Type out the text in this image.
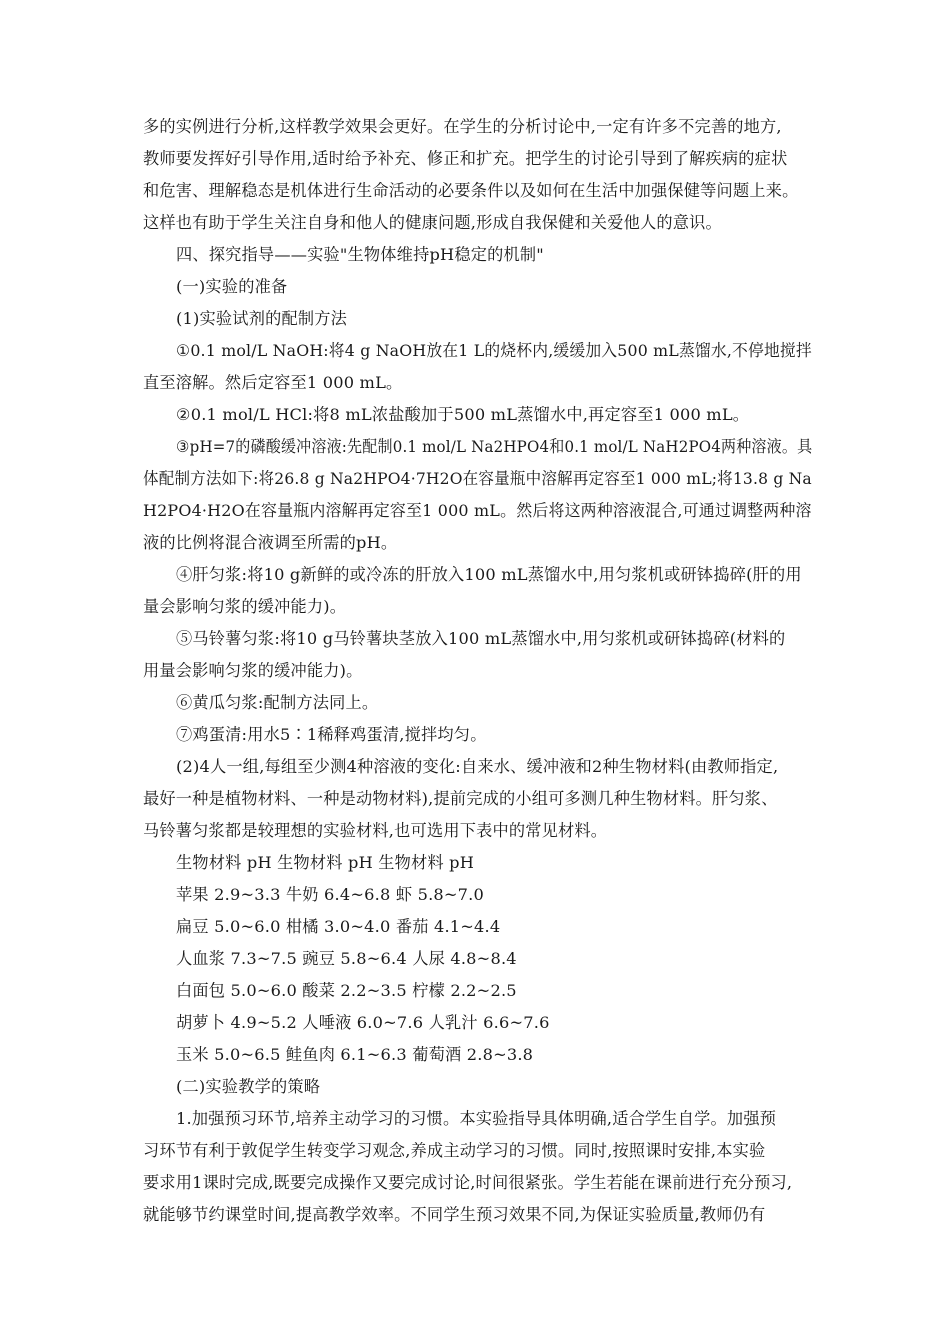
多的实例进行分析,这样教学效果会更好。在学生的分析讨论中,一定有许多不完善的地方,
教师要发挥好引导作用,适时给予补充、修正和扩充。把学生的讨论引导到了解疾病的症状
和危害、理解稳态是机体进行生命活动的必要条件以及如何在生活中加强保健等问题上来。
这样也有助于学生关注自身和他人的健康问题,形成自我保健和关爱他人的意识。
四、探究指导——实验"生物体维持pH稳定的机制"
(一)实验的准备
(1)实验试剂的配制方法
①0.1 mol/L NaOH:将4 g NaOH放在1 L的烧杯内,缓缓加入500 mL蒸馏水,不停地搅拌
直至溶解。然后定容至1 000 mL。
②0.1 mol/L HCl:将8 mL浓盐酸加于500 mL蒸馏水中,再定容至1 000 mL。
③pH=7的磷酸缓冲溶液:先配制0.1 mol/L Na2HPO4和0.1 mol/L NaH2PO4两种溶液。具
体配制方法如下:将26.8 g Na2HPO4·7H2O在容量瓶中溶解再定容至1 000 mL;将13.8 g Na
H2PO4·H2O在容量瓶内溶解再定容至1 000 mL。然后将这两种溶液混合,可通过调整两种溶
液的比例将混合液调至所需的pH。
④肝匀浆:将10 g新鲜的或冷冻的肝放入100 mL蒸馏水中,用匀浆机或研钵捣碎(肝的用
量会影响匀浆的缓冲能力)。
⑤马铃薯匀浆:将10 g马铃薯块茎放入100 mL蒸馏水中,用匀浆机或研钵捣碎(材料的
用量会影响匀浆的缓冲能力)。
⑥黄瓜匀浆:配制方法同上。
⑦鸡蛋清:用水5∶1稀释鸡蛋清,搅拌均匀。
(2)4人一组,每组至少测4种溶液的变化:自来水、缓冲液和2种生物材料(由教师指定,
最好一种是植物材料、一种是动物材料),提前完成的小组可多测几种生物材料。肝匀浆、
马铃薯匀浆都是较理想的实验材料,也可选用下表中的常见材料。
生物材料 pH 生物材料 pH 生物材料 pH
苹果 2.9~3.3 牛奶 6.4~6.8 虾 5.8~7.0
扁豆 5.0~6.0 柑橘 3.0~4.0 番茄 4.1~4.4
人血浆 7.3~7.5 豌豆 5.8~6.4 人尿 4.8~8.4
白面包 5.0~6.0 酸菜 2.2~3.5 柠檬 2.2~2.5
胡萝卜 4.9~5.2 人唾液 6.0~7.6 人乳汁 6.6~7.6
玉米 5.0~6.5 鲑鱼肉 6.1~6.3 葡萄酒 2.8~3.8
(二)实验教学的策略
1.加强预习环节,培养主动学习的习惯。本实验指导具体明确,适合学生自学。加强预
习环节有利于敦促学生转变学习观念,养成主动学习的习惯。同时,按照课时安排,本实验
要求用1课时完成,既要完成操作又要完成讨论,时间很紧张。学生若能在课前进行充分预习,
就能够节约课堂时间,提高教学效率。不同学生预习效果不同,为保证实验质量,教师仍有
